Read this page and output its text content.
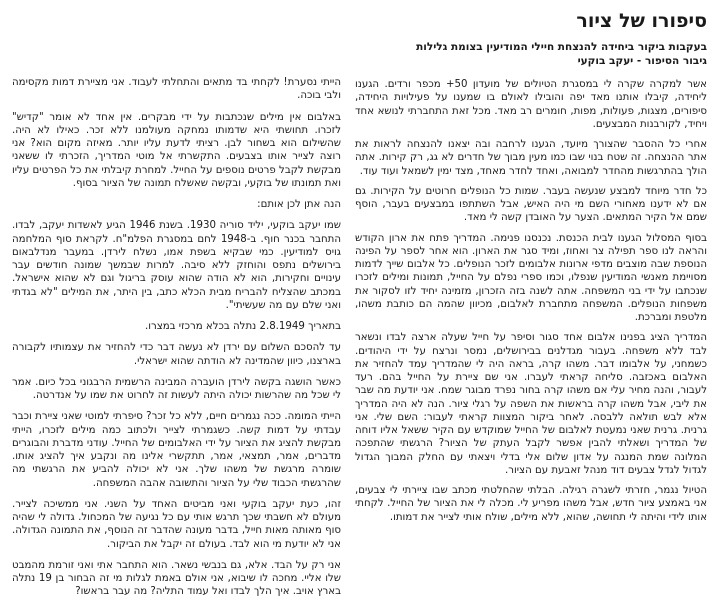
סיפורו של ציור

בעקבות ביקור ביחידה להנצחת חיילי המודיעין בצומת גלילות

גיבור הסיפור - יעקב בוקעי

אשר למקרה שקרה לי במסגרת הטיולים של מועדון 50+ מכפר ורדים. הגענו ליחידה, קיבלו אותנו מאד יפה והובילו לאולם בו שמענו על פעילויות היחידה, סיפורים, מצגות, פעולות, מפות, חומרים רב מאד. מכל זאת התחברתי לנושא אחד ויחיד, לקורבנות המבצעים.

אחרי כל ההסבר שהצורך מיועד, הגענו לרחבה ובה יצאנו להנצחה לראות את אתר ההנצחה. זה שטח בנוי שבו כמו מעין מבוך של חדרים לא גג, רק קירות. אתה הולך בהתרגשות מהחדר למבואה, ואחד לחדר מאחד, מצד ימין לשמאל ועוד עוד.

כל חדר מיוחד למבצע שנעשה בעבר. שמות כל הנופלים חרוטים על הקירות. גם אם לא ידענו מאחורי השם מי היה האיש, אבל השתתפו במבצעים בעבר, הוסף שמם אל הקיר המתאים. הצער על האובדן קשה לי מאד.

בסוף המסלול הגענו לבית הכנסת. נכנסנו פנימה. המדריך פתח את ארון הקודש והראה לנו ספר תפילה צר ואחוז, ומיד סגר את הארון. הוא אחר לספר על הפינה הנוספת שבה מוצבים מדפי ארונות אלבומים לזכר הנופלים. כל אלבום שייך לדמות מסויימת מאנשי המודיעין שנפלו, וכמו ספרי נפלם על החייל, תמונות ומילים לזכרו שנכתבו על ידי בני המשפחה. אתה לשנה בזה הזכרון, מזמינה יחיד לזו לסקור את משפחות הנופלים. המשפחה מתחברת לאלבום, מכיוון שהמה הם כותבת משהו, מלטפת ומברכת.

המדריך הציג בפנינו אלבום אחד סגור וסיפר על חייל שעלה ארצה לבדו ונשאר לבד ללא משפחה. בעבור מגדלנים בבירושלים, נמסר ונרצח על ידי היהודים. כשמחני, על אלבומו דבר. משהו קרה, בראה היה לי שהמדריך עמד להחזיר את האלבום באכזבה. סליחה קראתי לעברו. אני שם ציירת על החייל בהם. רעד לעבור, והנה מחיר עלי אם משהו קרה בחור נפרד מבוגר שמח. אני יודעת מה שבר את ליבי, אבל משהו קרה בראשות את השפה על רגלי ציור. הנה לא היה המדריך אלא לבש תולאה ללבסה. לאחר ביקור המצוות קראתי לעבור: השם שלי. אני גרנית. גרנית שאני נמעטת לאלבום של החייל שמוקדש עם הקיר ששאל אליו דוחה של המדריך ושאלתי להבין אפשר לקבל העתק של הציור? הרגשתי שהתפכה המלונה שמת המנגה על אדון שלום אלי בדלי ויצאתי עם החלק המבוך הגדול לגדול לגדל צבעים דוד מנהל זאבעת עם הציור.

הטיול נגמר, חזרתי לשגרה רגילה. הבלתי שהחלטתי מכתב שבו ציירתי לי צבעים, אני באמצע ציור חדש, אבל משהו מפריע לי. מכלה לי את הציור של החייל. לקחתי אותו לידי והיתה לי תחושה, שהוא, ללא מילים, שולח אותי לצייר את דמותו.

הייתי נסערת! לקחתי בד מתאים והתחלתי לעבוד. אני מציירת דמות מקסימה ולבי בוכה.

באלבום אין מילים שנכתבות על ידי מבקרים. אין אחד לא אומר "קדיש" לזכרו. תחושתי היא שדמותו נמחקה מעולמנו ללא זכר. כאילו לא היה. שהשילום הוא בשחור לבן. רציתי לדעת עליו יותר. מאיזה מקום הוא? אני רוצה לצייר אותו בצבעים. התקשרתי אל מוטי המדריך, הזכרתי לו ששאני מבקשת לקבל פרטים נוספים על החייל. למחרת קיבלתי את כל הפרטים עליו ואת תמונתו של בוקעי, ובקשה שאשלח תמונה של הציור בסוף.

הנה אתן לכן אותם:

שמו יעקב בוקעי, יליד סוריה 1930. בשנת 1946 הגיע לאשדות יעקב, לבדו. התחבר בכנר חוף. ב-1948 לחם במסגרת הפלמ"ח. לקראת סוף המלחמה גויס למודיעין. כמי שבקיא בשפת אמו, נשלח לירדן. במעבר מנדלבאום בירושלים נתפס והוחזק ללא סיבה. למרות שבמשך שמונה חודשים עבר עינויים וחקירות, הוא לא הודה שהוא עוסק בריגול וגם לא שהוא אישראל. במכתב שהצליח להבריח מבית הכלא כתב, בין היתר, את המילים "לא בגדתי ואני שלם עם מה שעשיתי".

בתאריך 2.8.1949 נתלה בכלא מרכזי במצרו.

עד להסכם השלום עם ירדן לא נעשה דבר כדי להחזיר את עצמותיו לקבורה בארצנו, כיוון שהמדינה לא הודתה שהוא ישראלי.

כאשר הושגה בקשה לירדן הועברה המבינה הרשמית הרבגוני בכל כיום. אמר לי שכל מה שהרשות יכולה היתה לעשות זה לחרוט את שמו על אנדרטה.

הייתי המומה. ככה נגמרים חיים, ללא כל זכר? סיפרתי למוטי שאני ציירת וכבר עבדתי על דמות קשה. כשגמרתי לצייר ולכתוב כמה מילים לזכרו, הייתי מבקשת להציג את הציור על ידי האלבומים של החייל. עודני מדברת והבוגרים מדברים, אמר, תמצאי, אמר, תתקשרי אלינו מה ונקבע איך להציג אותו. שומרה מרגשת של משהו שלך. אני לא יכולה להביע את הרגשתי מה שהרגשתי הכבוד שלי על הציור והתשובה אהבה המשפחה.

זהו, כעת יעקב בוקעי ואני מביטים האחד על השני. אני ממשיכה לצייר. מעולם לא חשבתי שכך תרגש אותי עם כל נגיעה של המכחול. גדולה לי שהיה סוף מאותה מאות חייל, בדבר מעונה שהדבר זה הנוסף, את התמונה הגדולה. אני לא יודעת מי הוא לבד. בעולם זה יקבל את הביקור.

אני רק על הבד. אלא, גם בנבשי נשאר. הוא התחבר אתי ואני זורמת מהמבט שלו אליי. מחכה לו שיבוא, אני אולם באמת לגלות מי זה הבחור בן 19 נתלה בארץ אויב. איך הלך לבדו ואל עמוד התליה? מה עבר בראשו?
